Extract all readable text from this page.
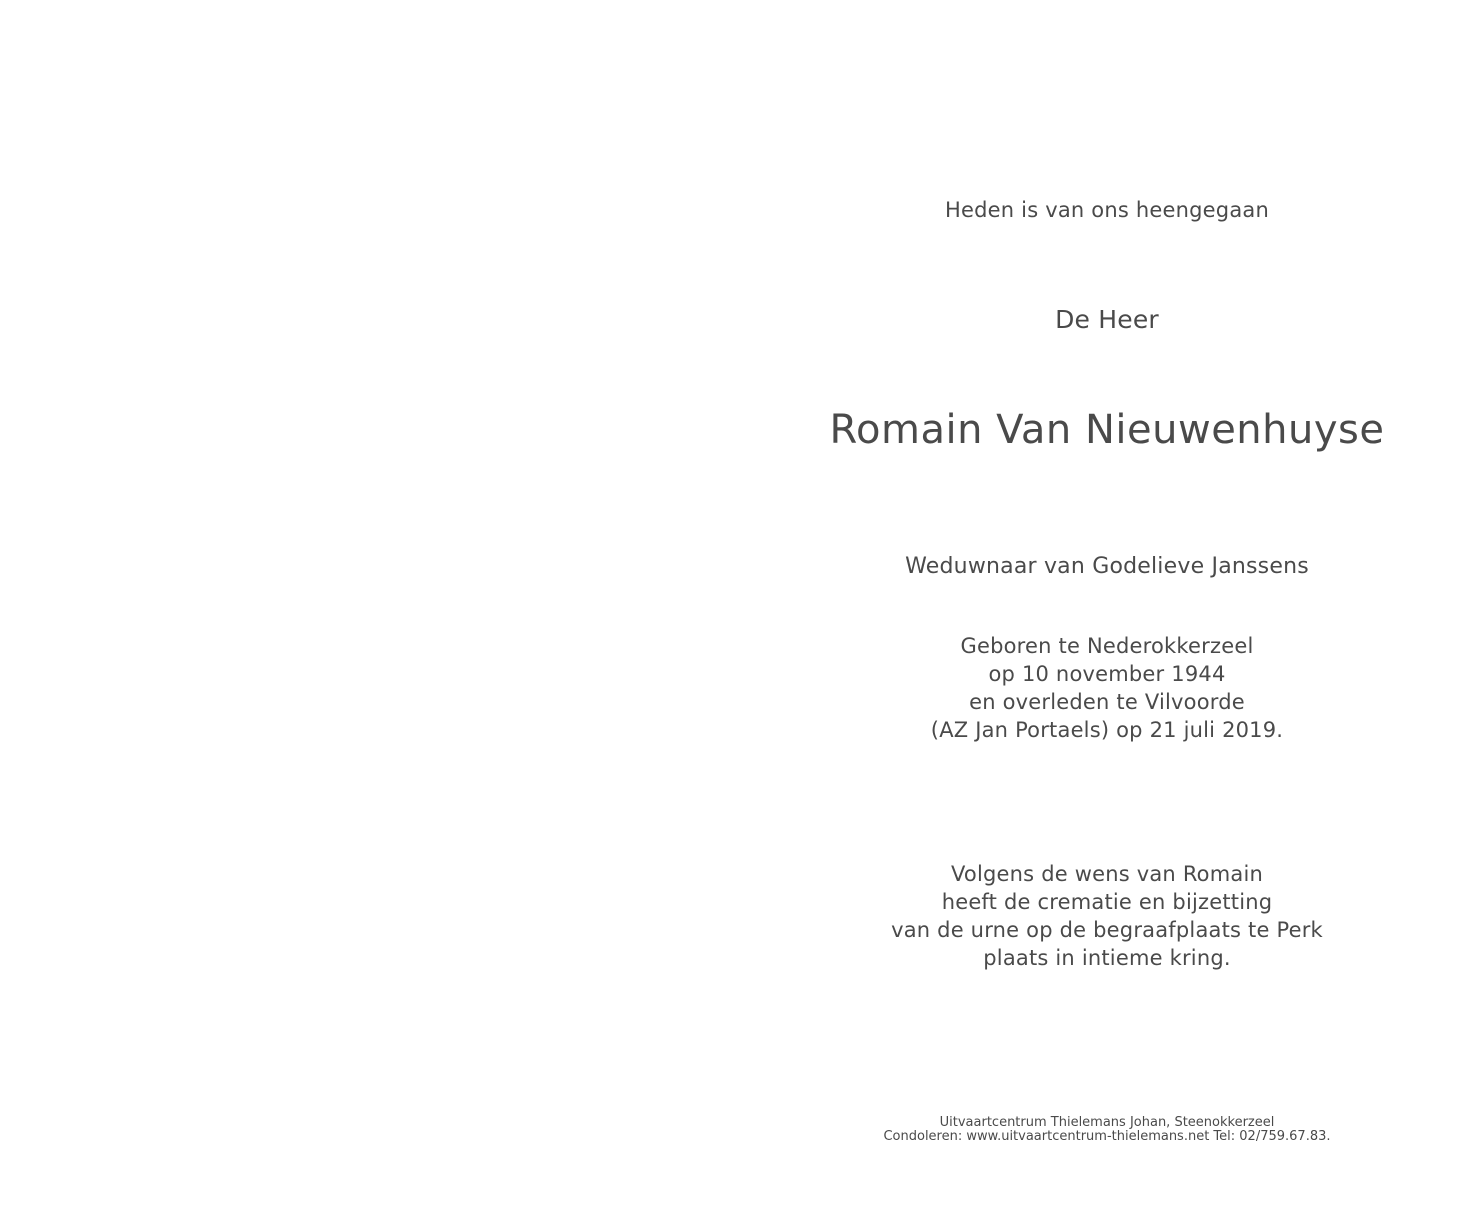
Heden is van ons heengegaan
De Heer
Romain Van Nieuwenhuyse
Weduwnaar van Godelieve Janssens
Geboren te Nederokkerzeel
op 10 november 1944
en overleden te Vilvoorde
(AZ Jan Portaels) op 21 juli 2019.
Volgens de wens van Romain
heeft de crematie en bijzetting
van de urne op de begraafplaats te Perk
plaats in intieme kring.
Uitvaartcentrum Thielemans Johan, Steenokkerzeel
Condoleren: www.uitvaartcentrum-thielemans.net Tel: 02/759.67.83.
